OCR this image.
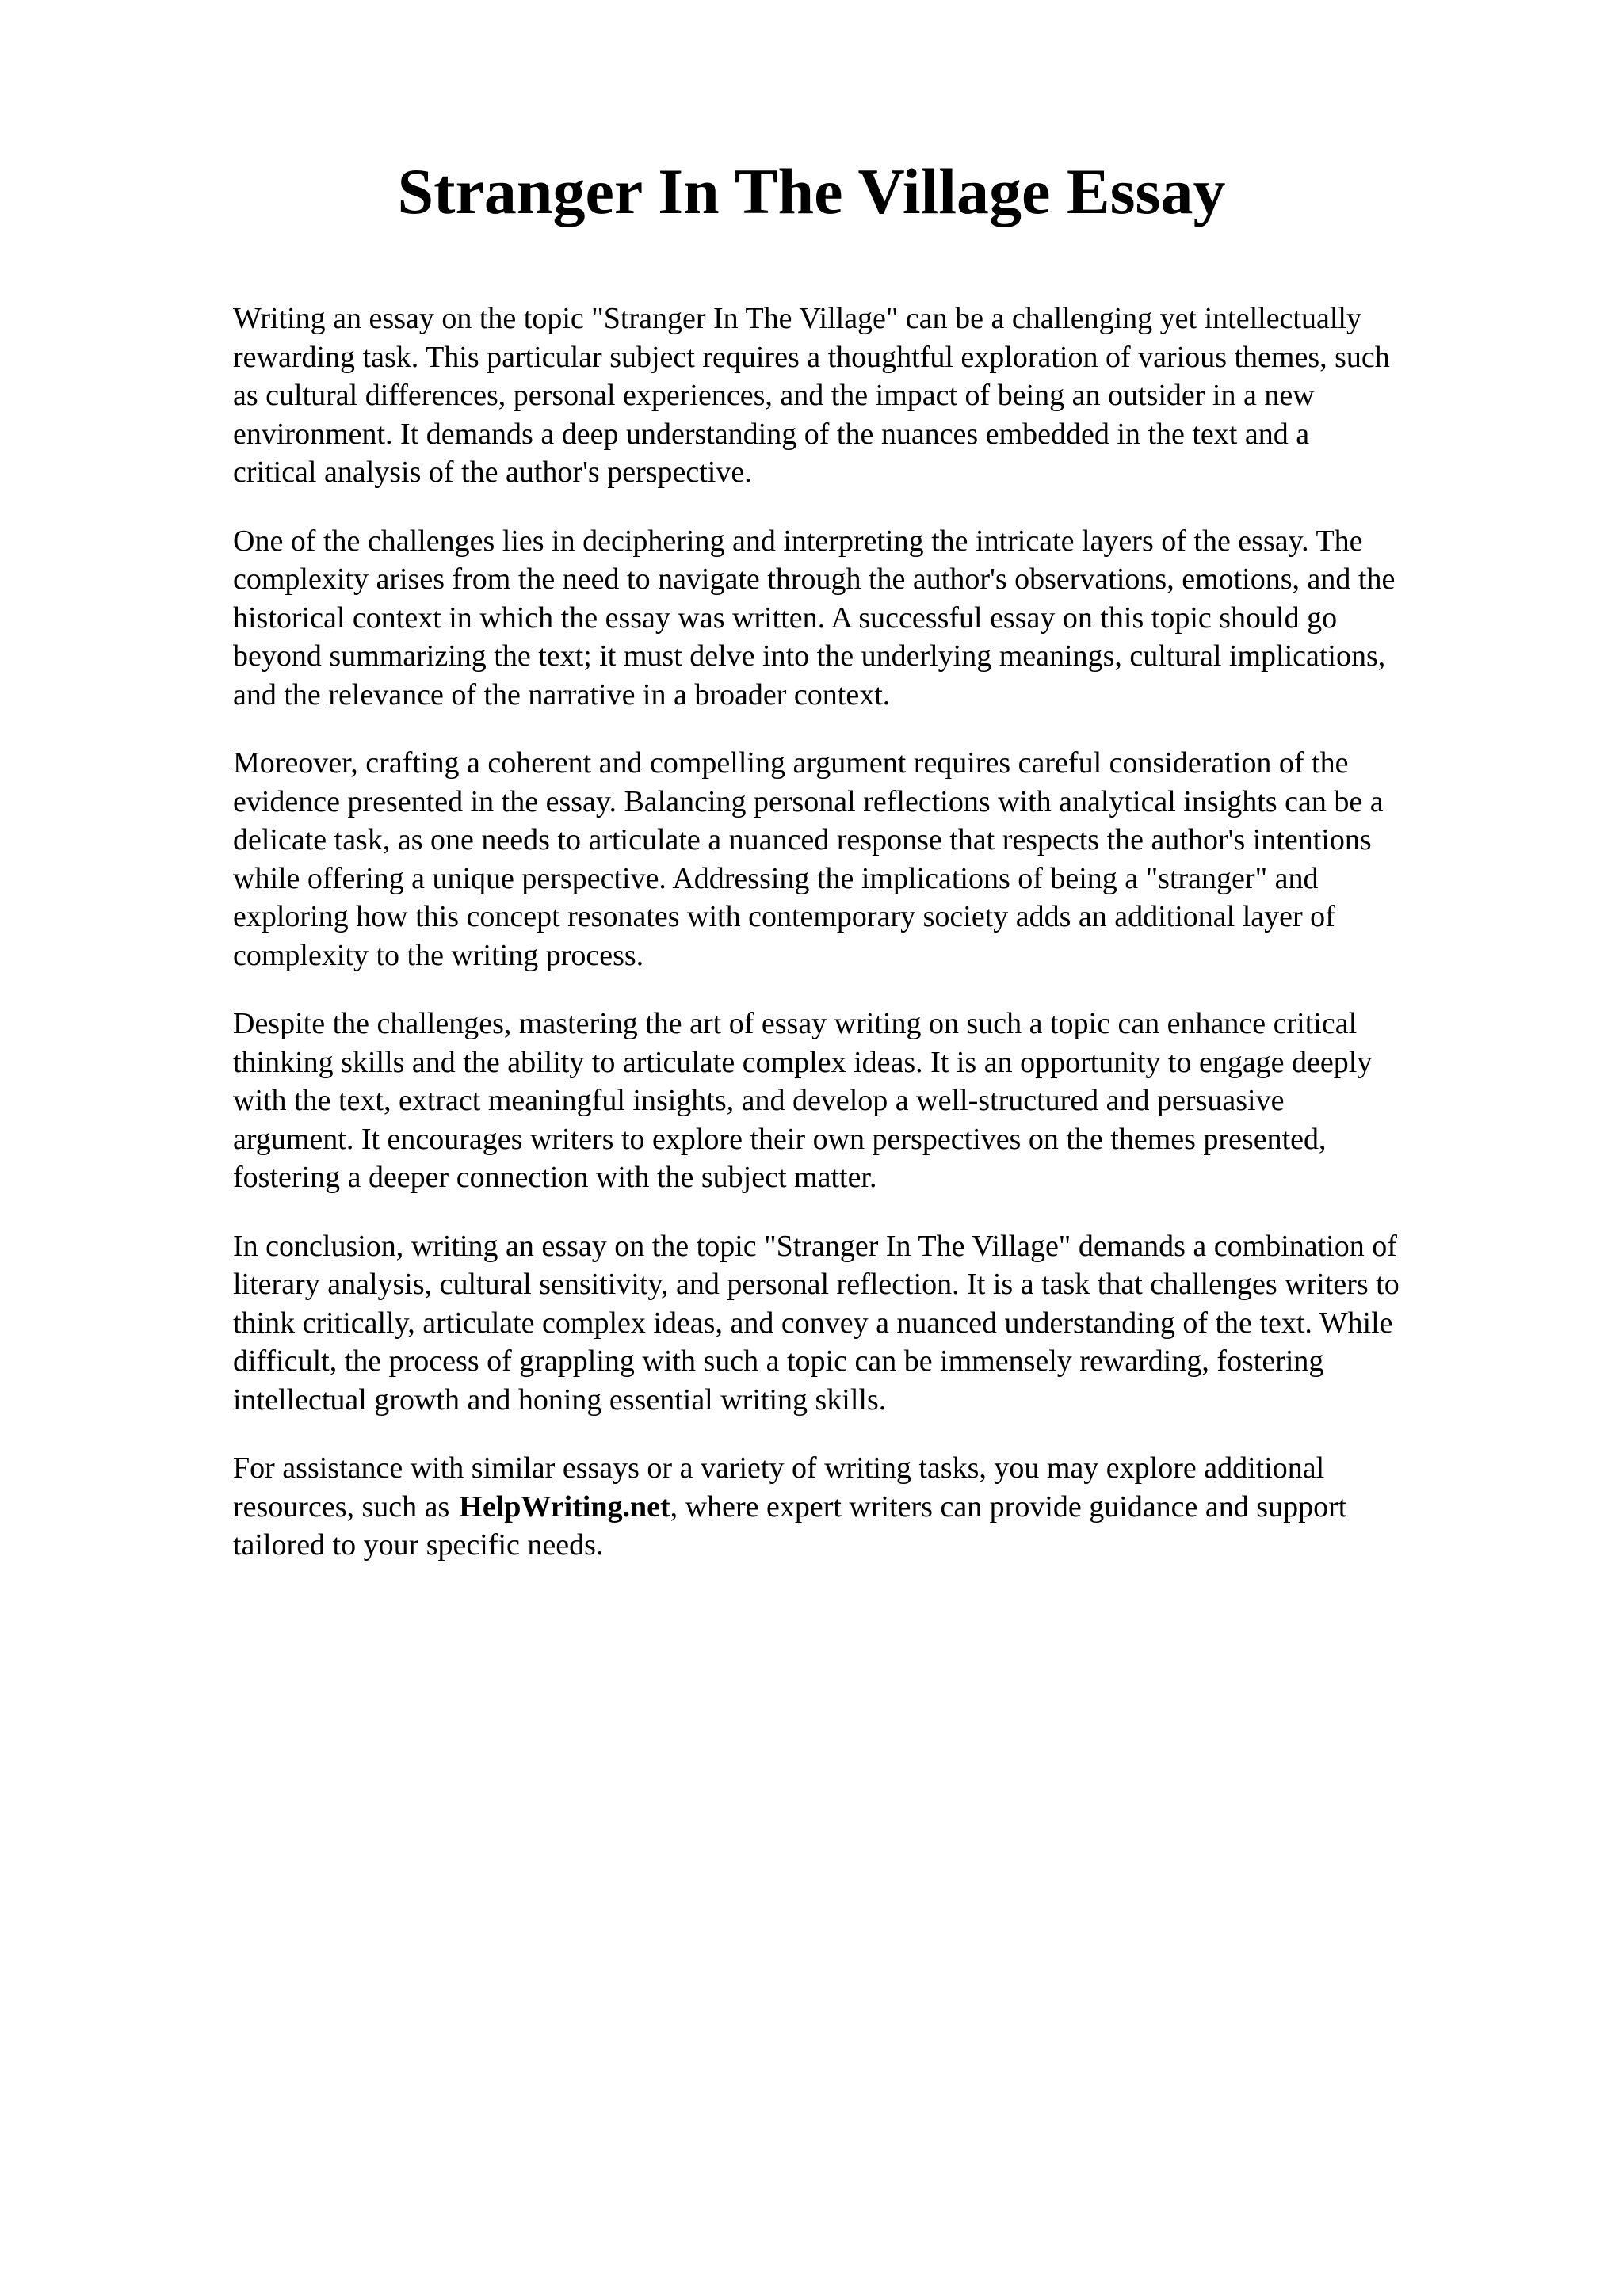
Stranger In The Village Essay

Writing an essay on the topic "Stranger In The Village" can be a challenging yet intellectually
rewarding task. This particular subject requires a thoughtful exploration of various themes, such
as cultural differences, personal experiences, and the impact of being an outsider in a new
environment. It demands a deep understanding of the nuances embedded in the text and a
critical analysis of the author's perspective.

One of the challenges lies in deciphering and interpreting the intricate layers of the essay. The
complexity arises from the need to navigate through the author's observations, emotions, and the
historical context in which the essay was written. A successful essay on this topic should go
beyond summarizing the text; it must delve into the underlying meanings, cultural implications,
and the relevance of the narrative in a broader context.

Moreover, crafting a coherent and compelling argument requires careful consideration of the
evidence presented in the essay. Balancing personal reflections with analytical insights can be a
delicate task, as one needs to articulate a nuanced response that respects the author's intentions
while offering a unique perspective. Addressing the implications of being a "stranger" and
exploring how this concept resonates with contemporary society adds an additional layer of
complexity to the writing process.

Despite the challenges, mastering the art of essay writing on such a topic can enhance critical
thinking skills and the ability to articulate complex ideas. It is an opportunity to engage deeply
with the text, extract meaningful insights, and develop a well-structured and persuasive
argument. It encourages writers to explore their own perspectives on the themes presented,
fostering a deeper connection with the subject matter.

In conclusion, writing an essay on the topic "Stranger In The Village" demands a combination of
literary analysis, cultural sensitivity, and personal reflection. It is a task that challenges writers to
think critically, articulate complex ideas, and convey a nuanced understanding of the text. While
difficult, the process of grappling with such a topic can be immensely rewarding, fostering
intellectual growth and honing essential writing skills.

For assistance with similar essays or a variety of writing tasks, you may explore additional
resources, such as HelpWriting.net, where expert writers can provide guidance and support
tailored to your specific needs.
